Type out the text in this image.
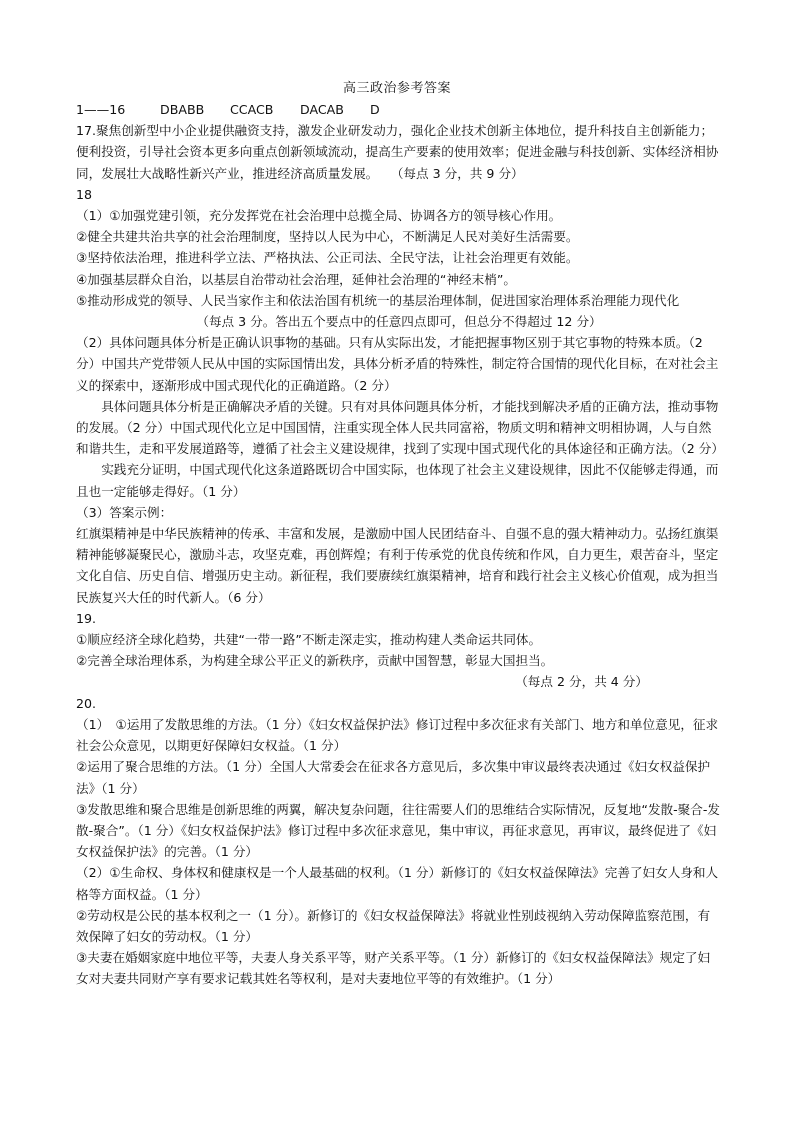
高三政治参考答案
1——16	DBABB	CCACB	DACAB	D

17.聚焦创新型中小企业提供融资支持，激发企业研发动力，强化企业技术创新主体地位，提升科技自主创新能力；便利投资，引导社会资本更多向重点创新领域流动，提高生产要素的使用效率；促进金融与科技创新、实体经济相协同，发展壮大战略性新兴产业，推进经济高质量发展。　　（每点 3 分，共 9 分）

18

（1）①加强党建引领，充分发挥党在社会治理中总揽全局、协调各方的领导核心作用。

②健全共建共治共享的社会治理制度，坚持以人民为中心，不断满足人民对美好生活需要。

③坚持依法治理，推进科学立法、严格执法、公正司法、全民守法，让社会治理更有效能。

④加强基层群众自治，以基层自治带动社会治理，延伸社会治理的“神经末梢”。

⑤推动形成党的领导、人民当家作主和依法治国有机统一的基层治理体制，促进国家治理体系治理能力现代化

（每点 3 分。答出五个要点中的任意四点即可，但总分不得超过 12 分）

（2）具体问题具体分析是正确认识事物的基础。只有从实际出发，才能把握事物区别于其它事物的特殊本质。（2 分）中国共产党带领人民从中国的实际国情出发，具体分析矛盾的特殊性，制定符合国情的现代化目标，在对社会主义的探索中，逐渐形成中国式现代化的正确道路。（2 分）

具体问题具体分析是正确解决矛盾的关键。只有对具体问题具体分析，才能找到解决矛盾的正确方法，推动事物的发展。（2 分）中国式现代化立足中国国情，注重实现全体人民共同富裕，物质文明和精神文明相协调，人与自然和谐共生，走和平发展道路等，遵循了社会主义建设规律，找到了实现中国式现代化的具体途径和正确方法。（2 分）

实践充分证明，中国式现代化这条道路既切合中国实际，也体现了社会主义建设规律，因此不仅能够走得通，而且也一定能够走得好。（1 分）

（3）答案示例：

红旗渠精神是中华民族精神的传承、丰富和发展，是激励中国人民团结奋斗、自强不息的强大精神动力。弘扬红旗渠精神能够凝聚民心，激励斗志，攻坚克难，再创辉煌；有利于传承党的优良传统和作风，自力更生，艰苦奋斗，坚定文化自信、历史自信、增强历史主动。新征程，我们要赓续红旗渠精神，培育和践行社会主义核心价值观，成为担当民族复兴大任的时代新人。（6 分）

19.

①顺应经济全球化趋势，共建“一带一路”不断走深走实，推动构建人类命运共同体。

②完善全球治理体系，为构建全球公平正义的新秩序，贡献中国智慧，彰显大国担当。

（每点 2 分，共 4 分）

20.

（1）　①运用了发散思维的方法。（1 分）《妇女权益保护法》修订过程中多次征求有关部门、地方和单位意见，征求社会公众意见，以期更好保障妇女权益。（1 分）

②运用了聚合思维的方法。（1 分）全国人大常委会在征求各方意见后，多次集中审议最终表决通过《妇女权益保护法》（1 分）

③发散思维和聚合思维是创新思维的两翼，解决复杂问题，往往需要人们的思维结合实际情况，反复地“发散-聚合-发散-聚合”。（1 分）《妇女权益保护法》修订过程中多次征求意见，集中审议，再征求意见，再审议，最终促进了《妇女权益保护法》的完善。（1 分）

（2）①生命权、身体权和健康权是一个人最基础的权利。（1 分）新修订的《妇女权益保障法》完善了妇女人身和人格等方面权益。（1 分）

②劳动权是公民的基本权利之一（1 分）。新修订的《妇女权益保障法》将就业性别歧视纳入劳动保障监察范围，有效保障了妇女的劳动权。（1 分）

③夫妻在婚姻家庭中地位平等，夫妻人身关系平等，财产关系平等。（1 分）新修订的《妇女权益保障法》规定了妇女对夫妻共同财产享有要求记载其姓名等权利，是对夫妻地位平等的有效维护。（1 分）
